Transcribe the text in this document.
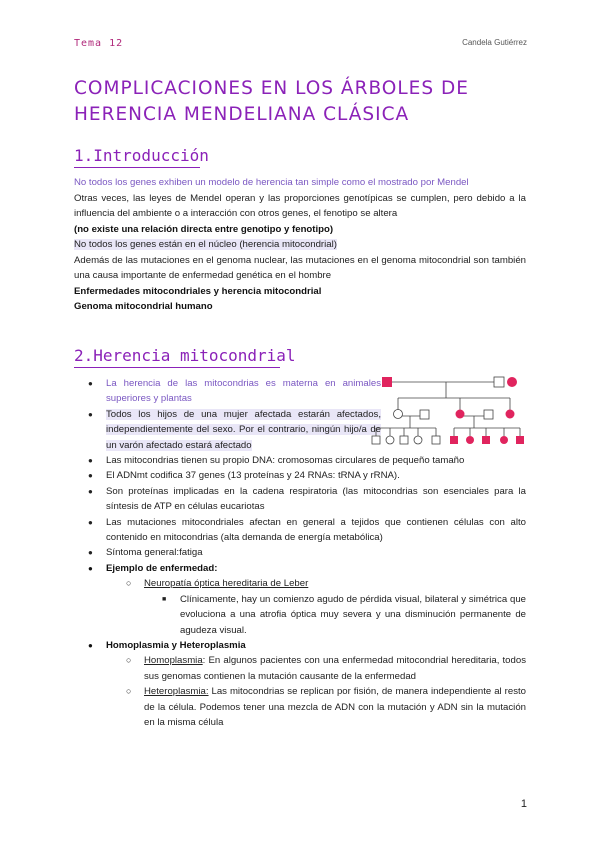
Tema 12	Candela Gutiérrez
COMPLICACIONES EN LOS ÁRBOLES DE HERENCIA MENDELIANA CLÁSICA
1.Introducción

No todos los genes exhiben un modelo de herencia tan simple como el mostrado por Mendel

Otras veces, las leyes de Mendel operan y las proporciones genotípicas se cumplen, pero debido a la influencia del ambiente o a interacción con otros genes, el fenotipo se altera

(no existe una relación directa entre genotipo y fenotipo)

No todos los genes están en el núcleo (herencia mitocondrial)

Además de las mutaciones en el genoma nuclear, las mutaciones en el genoma mitocondrial son también una causa importante de enfermedad genética en el hombre

Enfermedades mitocondriales y herencia mitocondrial

Genoma mitocondrial humano

2.Herencia mitocondrial
● La herencia de las mitocondrias es materna en animales superiores y plantas
● Todos los hijos de una mujer afectada estarán afectados, independientemente del sexo. Por el contrario, ningún hijo/a de un varón afectado estará afectado
● Las mitocondrias tienen su propio DNA: cromosomas circulares de pequeño tamaño
● El ADNmt codifica 37 genes (13 proteínas y 24 RNAs: tRNA y rRNA).
● Son proteínas implicadas en la cadena respiratoria (las mitocondrias son esenciales para la síntesis de ATP en células eucariotas
● Las mutaciones mitocondriales afectan en general a tejidos que contienen células con alto contenido en mitocondrias (alta demanda de energía metabólica)
● Síntoma general:fatiga
● Ejemplo de enfermedad:
○ Neuropatía óptica hereditaria de Leber
■ Clínicamente, hay un comienzo agudo de pérdida visual, bilateral y simétrica que evoluciona a una atrofia óptica muy severa y una disminución permanente de agudeza visual.
● Homoplasmia y Heteroplasmia
○ Homoplasmia: En algunos pacientes con una enfermedad mitocondrial hereditaria, todos sus genomas contienen la mutación causante de la enfermedad
○ Heteroplasmia: Las mitocondrias se replican por fisión, de manera independiente al resto de la célula. Podemos tener una mezcla de ADN con la mutación y ADN sin la mutación en la misma célula
1
